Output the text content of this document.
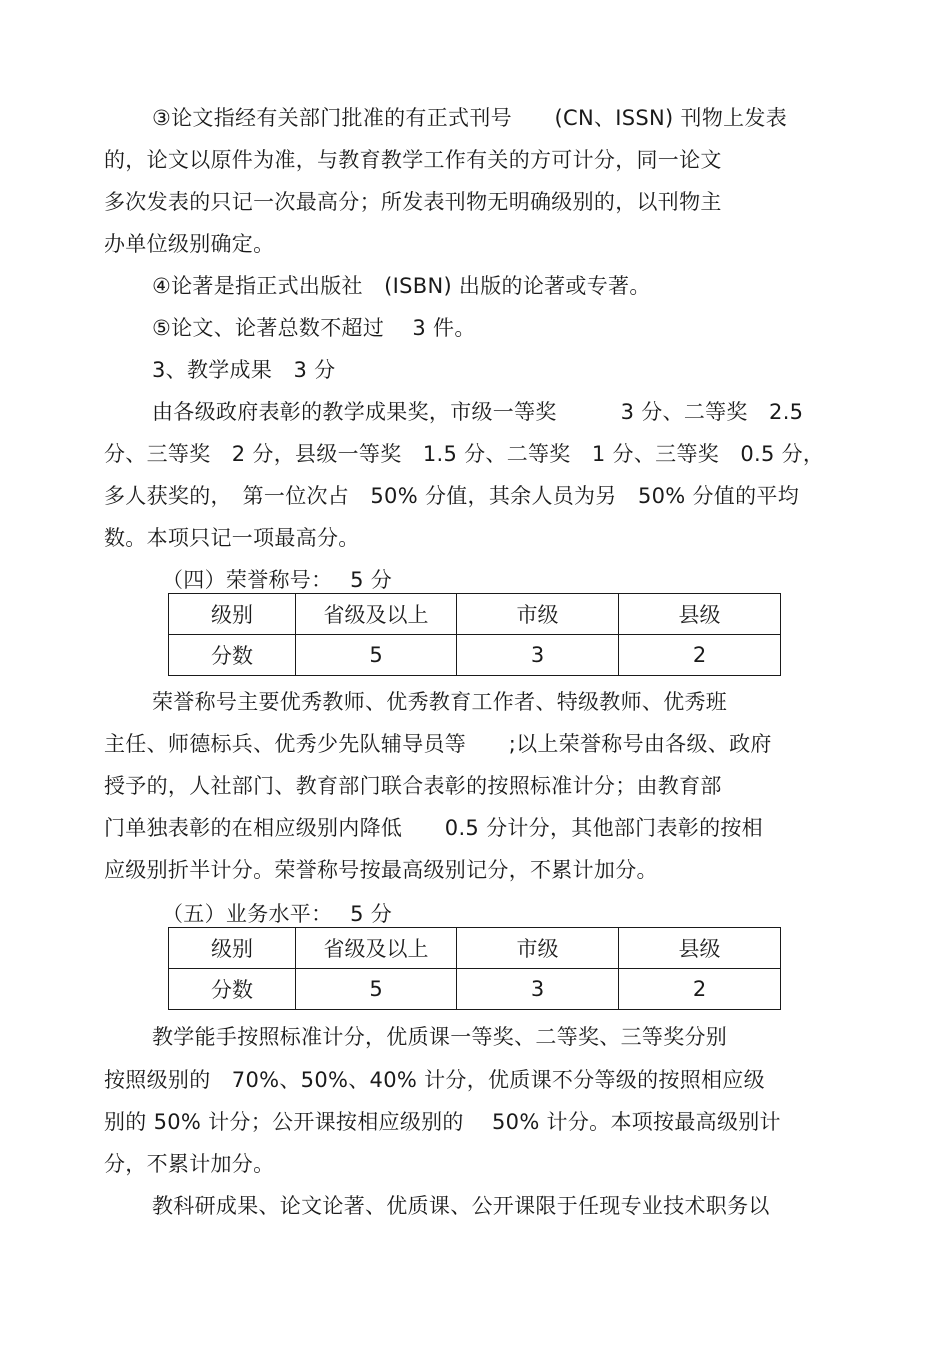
③论文指经有关部门批准的有正式刊号　　(CN、ISSN) 刊物上发表
的，论文以原件为准，与教育教学工作有关的方可计分，同一论文
多次发表的只记一次最高分；所发表刊物无明确级别的，以刊物主
办单位级别确定。
④论著是指正式出版社　(ISBN) 出版的论著或专著。
⑤论文、论著总数不超过　 3 件。
3、教学成果　3 分
由各级政府表彰的教学成果奖，市级一等奖　　　3 分、二等奖　2.5
分、三等奖　2 分，县级一等奖　1.5 分、二等奖　1 分、三等奖　0.5 分，
多人获奖的，　第一位次占　50% 分值，其余人员为另　50% 分值的平均
数。本项只记一项最高分。
（四）荣誉称号：　 5 分
级别	省级及以上	市级	县级
分数	5	3	2
荣誉称号主要优秀教师、优秀教育工作者、特级教师、优秀班
主任、师德标兵、优秀少先队辅导员等　　;以上荣誉称号由各级、政府
授予的，人社部门、教育部门联合表彰的按照标准计分；由教育部
门单独表彰的在相应级别内降低　　0.5 分计分，其他部门表彰的按相
应级别折半计分。荣誉称号按最高级别记分，不累计加分。
（五）业务水平：　 5 分
级别	省级及以上	市级	县级
分数	5	3	2
教学能手按照标准计分，优质课一等奖、二等奖、三等奖分别
按照级别的　70%、50%、40% 计分，优质课不分等级的按照相应级
别的 50% 计分；公开课按相应级别的　 50% 计分。本项按最高级别计
分，不累计加分。
教科研成果、论文论著、优质课、公开课限于任现专业技术职务以
